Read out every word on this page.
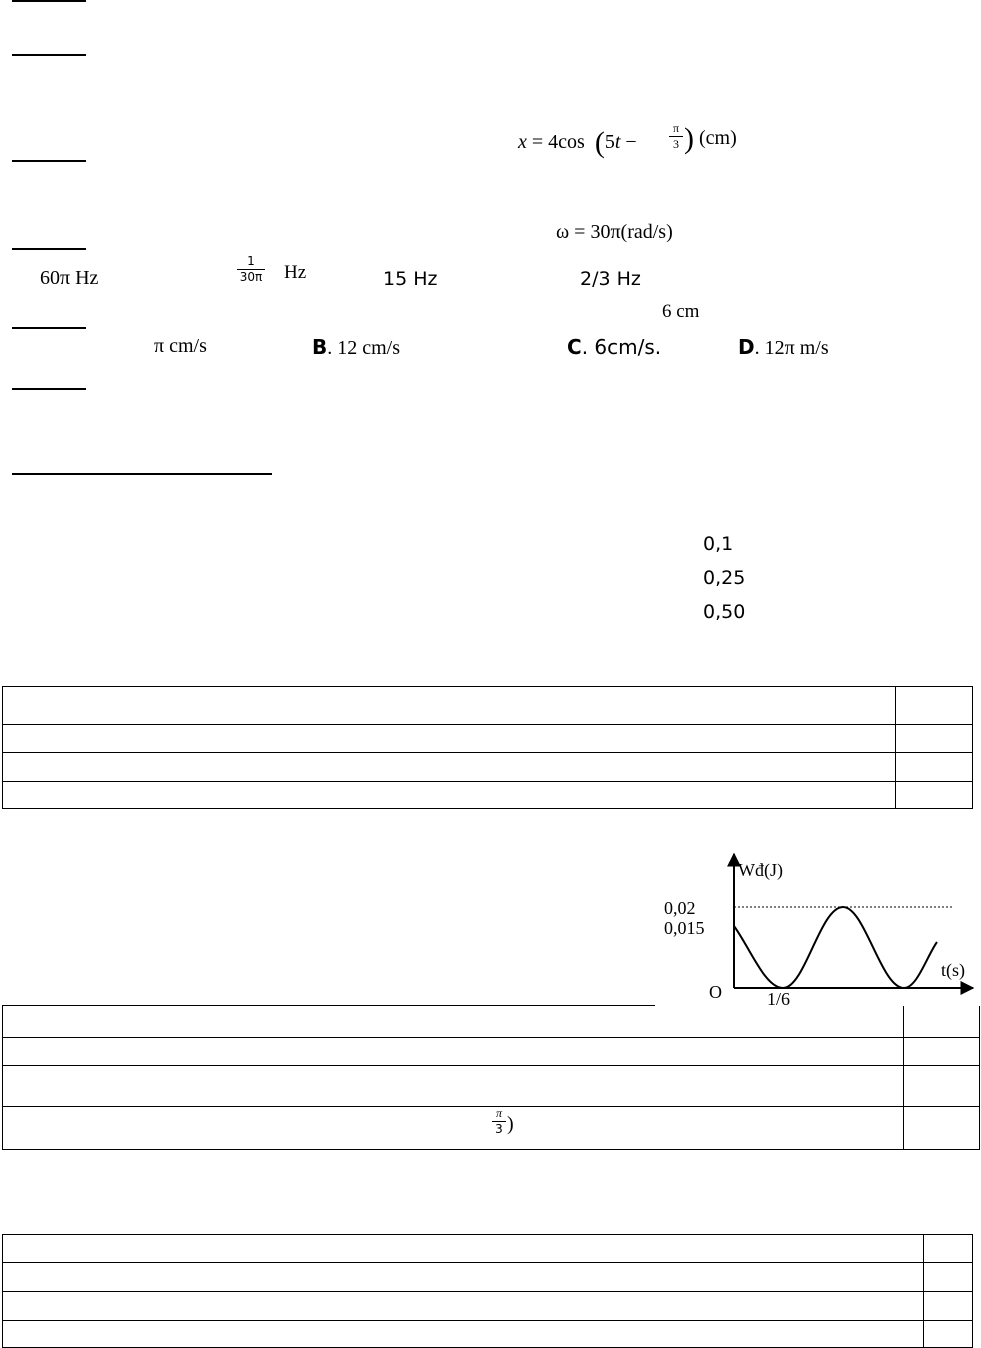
x = 4cos  (5t −
π
3 ) (cm)
ω = 30π(rad/s)
60π Hz
1
30π Hz	15 Hz	2/3 Hz
6 cm
π cm/s	B. 12 cm/s	C. 6cm/s.	D. 12π m/s
0,1
0,25
0,50
π
3 )
Wđ(J)
t(s)
0,02
0,015
O	1/6
